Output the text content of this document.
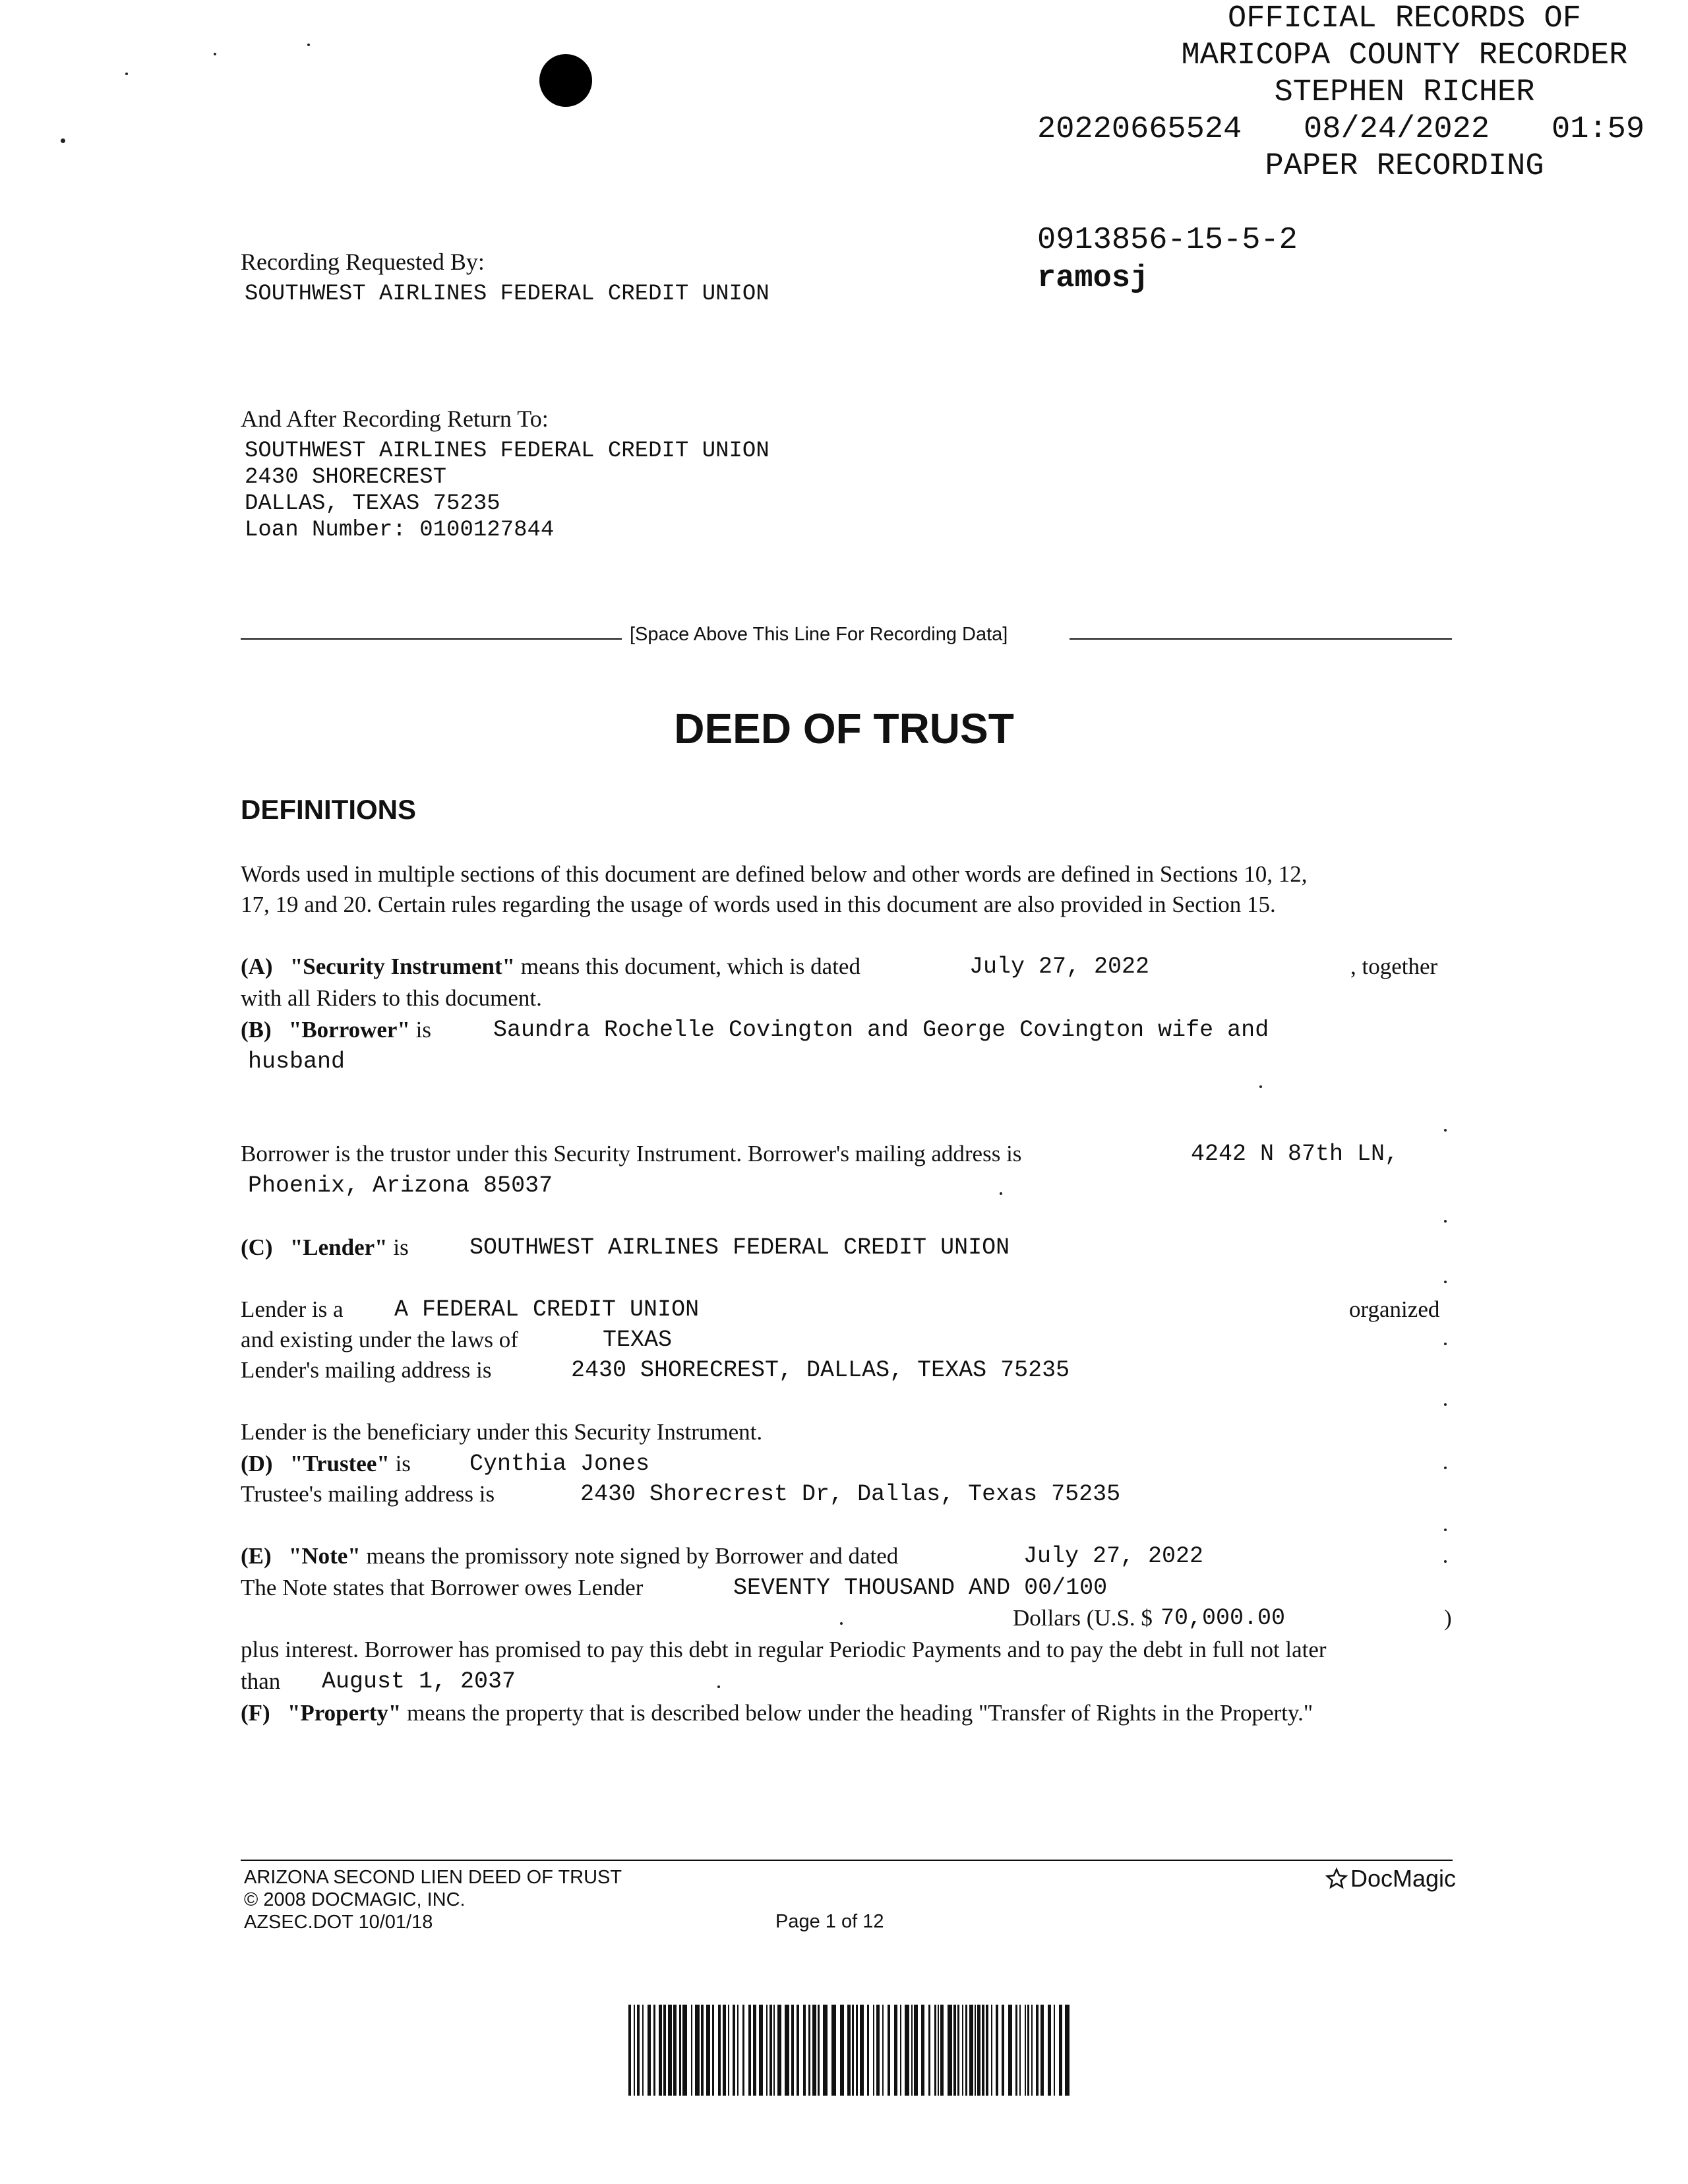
OFFICIAL RECORDS OF
MARICOPA COUNTY RECORDER
STEPHEN RICHER
20220665524 08/24/2022 01:59
PAPER RECORDING
0913856-15-5-2
ramosj
Recording Requested By:
SOUTHWEST AIRLINES FEDERAL CREDIT UNION
And After Recording Return To:
SOUTHWEST AIRLINES FEDERAL CREDIT UNION
2430 SHORECREST
DALLAS, TEXAS 75235
Loan Number: 0100127844
[Space Above This Line For Recording Data]
DEED OF TRUST
DEFINITIONS
Words used in multiple sections of this document are defined below and other words are defined in Sections 10, 12,
17, 19 and 20. Certain rules regarding the usage of words used in this document are also provided in Section 15.
(A) "Security Instrument" means this document, which is dated	July 27, 2022	, together
with all Riders to this document.
(B) "Borrower" is	Saundra Rochelle Covington and George Covington wife and
husband
Borrower is the trustor under this Security Instrument. Borrower's mailing address is	4242 N 87th LN,
Phoenix, Arizona 85037
(C) "Lender" is	SOUTHWEST AIRLINES FEDERAL CREDIT UNION
Lender is a A FEDERAL CREDIT UNION	organized
and existing under the laws of	TEXAS
Lender's mailing address is	2430 SHORECREST, DALLAS, TEXAS 75235
Lender is the beneficiary under this Security Instrument.
(D) "Trustee" is	Cynthia Jones
Trustee's mailing address is	2430 Shorecrest Dr, Dallas, Texas 75235
(E) "Note" means the promissory note signed by Borrower and dated	July 27, 2022
The Note states that Borrower owes Lender	SEVENTY THOUSAND AND 00/100
Dollars (U.S. $ 70,000.00	)
plus interest. Borrower has promised to pay this debt in regular Periodic Payments and to pay the debt in full not later
than August 1, 2037
(F) "Property" means the property that is described below under the heading "Transfer of Rights in the Property."
ARIZONA SECOND LIEN DEED OF TRUST
© 2008 DOCMAGIC, INC.
AZSEC.DOT 10/01/18	Page 1 of 12
DocMagic
